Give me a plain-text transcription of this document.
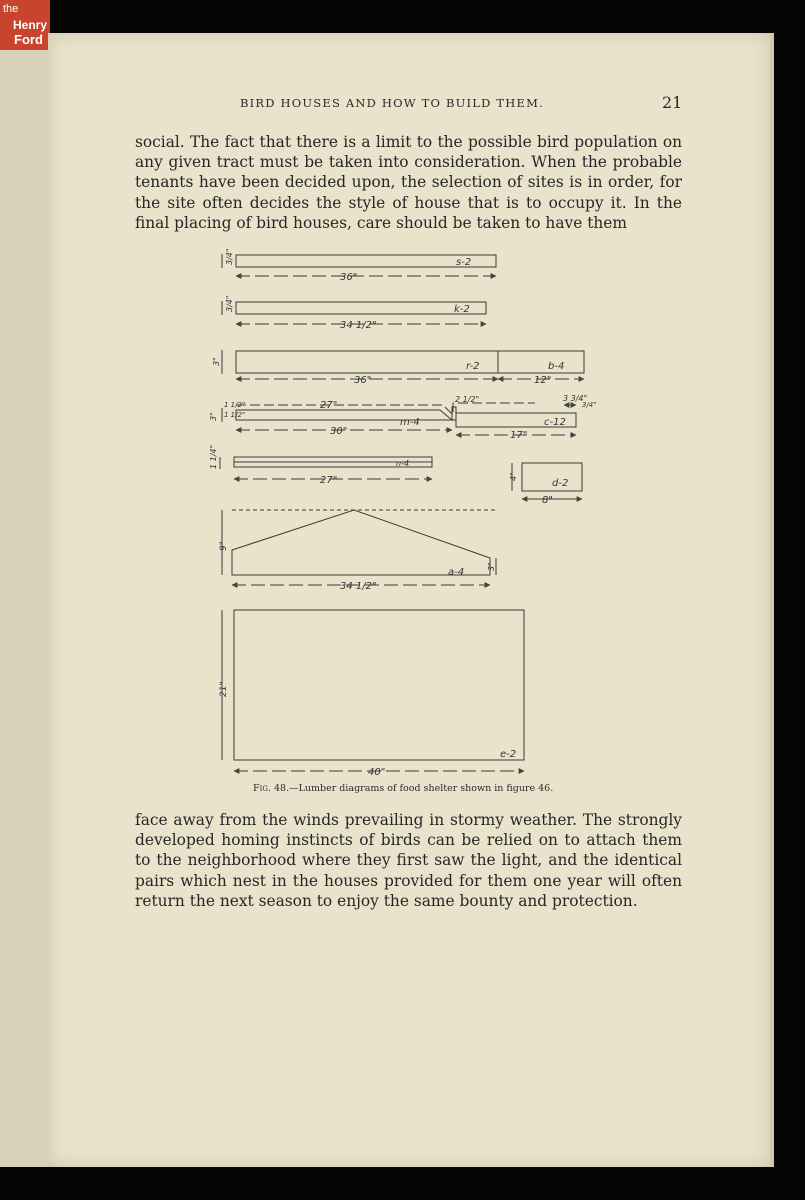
the
Henry
Ford
BIRD HOUSES AND HOW TO BUILD THEM.	21

social. The fact that there is a limit to the possible bird population on any given tract must be taken into consideration. When the probable tenants have been decided upon, the selection of sites is in order, for the site often decides the style of house that is to occupy it. In the final placing of bird houses, care should be taken to have them

s-2
36"
3/4"
k-2
34 1/2"
3/4"
r-2
36"
3"	b-4
12"
27"
m-4
30"
2 1/2"
1 1/2"
1 1/2"
3"
c-12
17"
3 3/4"
3/4"
n-4
27"
1 1/4"
d-2
8"
4"
a-4
34 1/2"
9"
3"
e-2
40"
21"
Fig. 48.—Lumber diagrams of food shelter shown in figure 46.

face away from the winds prevailing in stormy weather. The strongly developed homing instincts of birds can be relied on to attach them to the neighborhood where they first saw the light, and the identical pairs which nest in the houses provided for them one year will often return the next season to enjoy the same bounty and protection.
